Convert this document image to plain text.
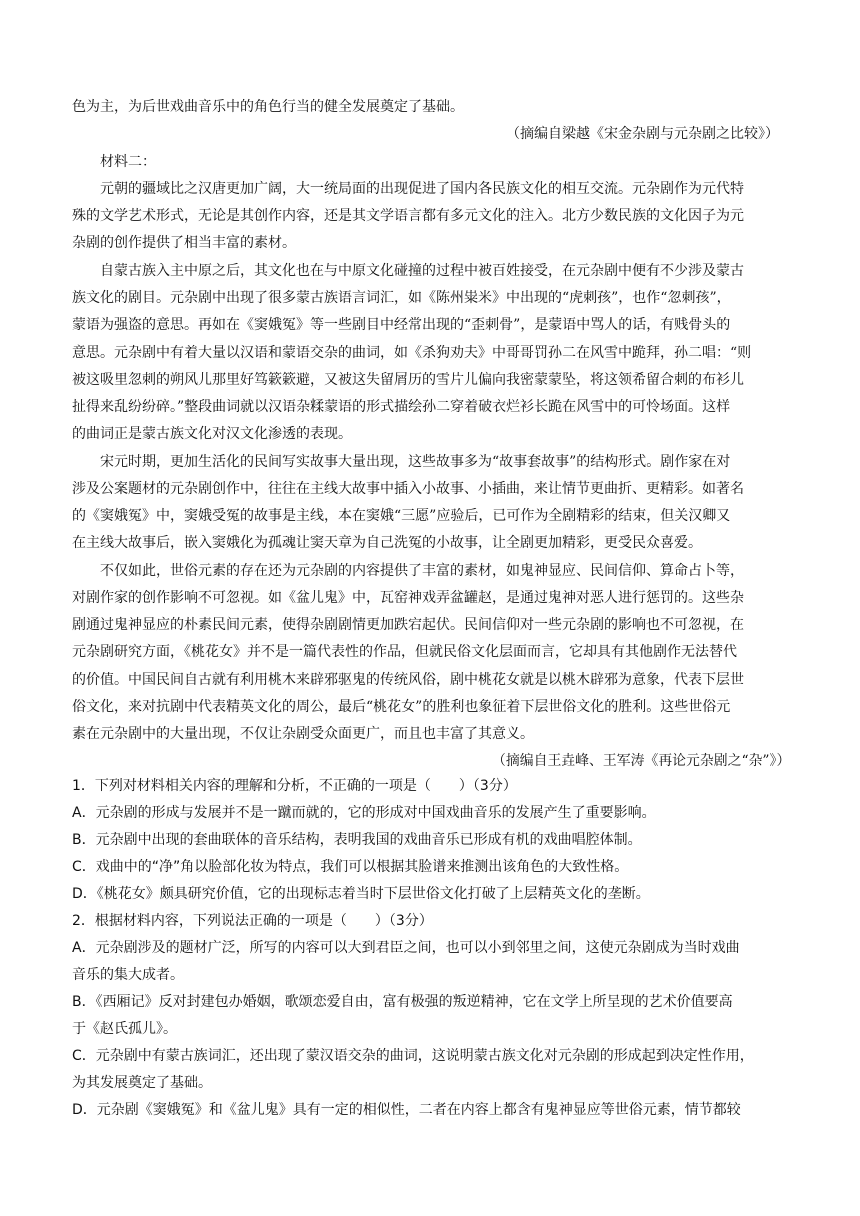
色为主，为后世戏曲音乐中的角色行当的健全发展奠定了基础。

（摘编自梁越《宋金杂剧与元杂剧之比较》）

材料二：

元朝的疆域比之汉唐更加广阔，大一统局面的出现促进了国内各民族文化的相互交流。元杂剧作为元代特

殊的文学艺术形式，无论是其创作内容，还是其文学语言都有多元文化的注入。北方少数民族的文化因子为元

杂剧的创作提供了相当丰富的素材。

自蒙古族入主中原之后，其文化也在与中原文化碰撞的过程中被百姓接受，在元杂剧中便有不少涉及蒙古

族文化的剧目。元杂剧中出现了很多蒙古族语言词汇，如《陈州粜米》中出现的“虎刺孩”，也作“忽刺孩”，

蒙语为强盗的意思。再如在《窦娥冤》等一些剧目中经常出现的“歪刺骨”，是蒙语中骂人的话，有贱骨头的

意思。元杂剧中有着大量以汉语和蒙语交杂的曲词，如《杀狗劝夫》中哥哥罚孙二在风雪中跪拜，孙二唱：“则

被这吸里忽刺的朔风儿那里好笃簌簌避，又被这失留屑历的雪片儿偏向我密蒙蒙坠，将这领希留合刺的布衫儿

扯得来乱纷纷碎。”整段曲词就以汉语杂糅蒙语的形式描绘孙二穿着破衣烂衫长跪在风雪中的可怜场面。这样

的曲词正是蒙古族文化对汉文化渗透的表现。

宋元时期，更加生活化的民间写实故事大量出现，这些故事多为“故事套故事”的结构形式。剧作家在对

涉及公案题材的元杂剧创作中，往往在主线大故事中插入小故事、小插曲，来让情节更曲折、更精彩。如著名

的《窦娥冤》中，窦娥受冤的故事是主线，本在窦娥“三愿”应验后，已可作为全剧精彩的结束，但关汉卿又

在主线大故事后，嵌入窦娥化为孤魂让窦天章为自己洗冤的小故事，让全剧更加精彩，更受民众喜爱。

不仅如此，世俗元素的存在还为元杂剧的内容提供了丰富的素材，如鬼神显应、民间信仰、算命占卜等，

对剧作家的创作影响不可忽视。如《盆儿鬼》中，瓦窑神戏弄盆罐赵，是通过鬼神对恶人进行惩罚的。这些杂

剧通过鬼神显应的朴素民间元素，使得杂剧剧情更加跌宕起伏。民间信仰对一些元杂剧的影响也不可忽视，在

元杂剧研究方面，《桃花女》并不是一篇代表性的作品，但就民俗文化层面而言，它却具有其他剧作无法替代

的价值。中国民间自古就有利用桃木来辟邪驱鬼的传统风俗，剧中桃花女就是以桃木辟邪为意象，代表下层世

俗文化，来对抗剧中代表精英文化的周公，最后“桃花女”的胜利也象征着下层世俗文化的胜利。这些世俗元

素在元杂剧中的大量出现，不仅让杂剧受众面更广，而且也丰富了其意义。

（摘编自王垚峰、王军涛《再论元杂剧之“杂”》）

1．下列对材料相关内容的理解和分析，不正确的一项是（　　）（3分）

A．元杂剧的形成与发展并不是一蹴而就的，它的形成对中国戏曲音乐的发展产生了重要影响。

B．元杂剧中出现的套曲联体的音乐结构，表明我国的戏曲音乐已形成有机的戏曲唱腔体制。

C．戏曲中的“净”角以脸部化妆为特点，我们可以根据其脸谱来推测出该角色的大致性格。

D．《桃花女》颇具研究价值，它的出现标志着当时下层世俗文化打破了上层精英文化的垄断。

2．根据材料内容，下列说法正确的一项是（　　）（3分）

A．元杂剧涉及的题材广泛，所写的内容可以大到君臣之间，也可以小到邻里之间，这使元杂剧成为当时戏曲

音乐的集大成者。

B．《西厢记》反对封建包办婚姻，歌颂恋爱自由，富有极强的叛逆精神，它在文学上所呈现的艺术价值要高

于《赵氏孤儿》。

C．元杂剧中有蒙古族词汇，还出现了蒙汉语交杂的曲词，这说明蒙古族文化对元杂剧的形成起到决定性作用，

为其发展奠定了基础。

D．元杂剧《窦娥冤》和《盆儿鬼》具有一定的相似性，二者在内容上都含有鬼神显应等世俗元素，情节都较
